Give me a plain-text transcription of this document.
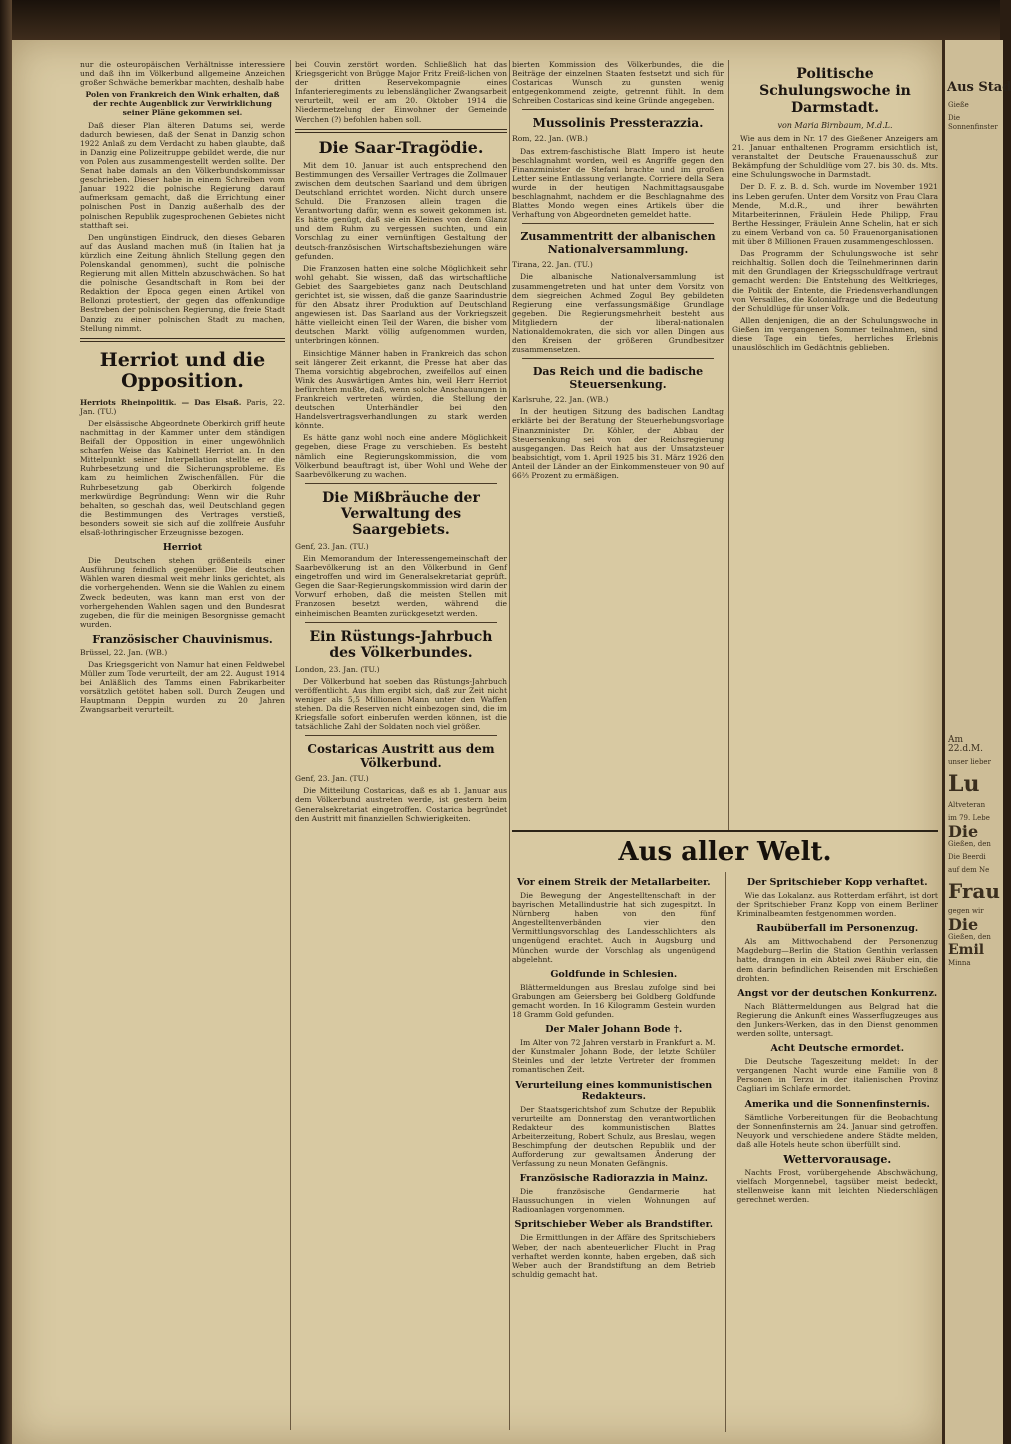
nur die osteuropäischen Verhältnisse interessiere und daß ihn im Völkerbund allgemeine Anzeichen großer Schwäche bemerkbar machten, deshalb habe

Polen von Frankreich den Wink erhalten, daß der rechte Augenblick zur Verwirklichung seiner Pläne gekommen sei.

Daß dieser Plan älteren Datums sei, werde dadurch bewiesen, daß der Senat in Danzig schon 1922 Anlaß zu dem Verdacht zu haben glaubte, daß in Danzig eine Polizeitruppe gebildet werde, die nur von Polen aus zusammengestellt werden sollte. Der Senat habe damals an den Völkerbundskommissar geschrieben. Dieser habe in einem Schreiben vom Januar 1922 die polnische Regierung darauf aufmerksam gemacht, daß die Errichtung einer polnischen Post in Danzig außerhalb des der polnischen Republik zugesprochenen Gebietes nicht statthaft sei.

Den ungünstigen Eindruck, den dieses Gebaren auf das Ausland machen muß (in Italien hat ja kürzlich eine Zeitung ähnlich Stellung gegen den Polenskandal genommen), sucht die polnische Regierung mit allen Mitteln abzuschwächen. So hat die polnische Gesandtschaft in Rom bei der Redaktion der Epoca gegen einen Artikel von Bellonzi protestiert, der gegen das offenkundige Bestreben der polnischen Regierung, die freie Stadt Danzig zu einer polnischen Stadt zu machen, Stellung nimmt.

Herriot und die Opposition.

Herriots Rheinpolitik. — Das Elsaß. Paris, 22. Jan. (TU.)

Der elsässische Abgeordnete Oberkirch griff heute nachmittag in der Kammer unter dem ständigen Beifall der Opposition in einer ungewöhnlich scharfen Weise das Kabinett Herriot an. In den Mittelpunkt seiner Interpellation stellte er die Ruhrbesetzung und die Sicherungsprobleme. Es kam zu heimlichen Zwischenfällen. Für die Ruhrbesetzung gab Oberkirch folgende merkwürdige Begründung: Wenn wir die Ruhr behalten, so geschah das, weil Deutschland gegen die Bestimmungen des Vertrages verstieß, besonders soweit sie sich auf die zollfreie Ausfuhr elsaß-lothringischer Erzeugnisse bezogen.

Herriot

Die Deutschen stehen größenteils einer Ausführung feindlich gegenüber. Die deutschen Wählen waren diesmal weit mehr links gerichtet, als die vorhergehenden. Wenn sie die Wahlen zu einem Zweck bedeuten, was kann man erst von der vorhergehenden Wahlen sagen und den Bundesrat zugeben, die für die meinigen Besorgnisse gemacht wurden.

Französischer Chauvinismus.

Brüssel, 22. Jan. (WB.)

Das Kriegsgericht von Namur hat einen Feldwebel Müller zum Tode verurteilt, der am 22. August 1914 bei Anläßlich des Tamms einen Fabrikarbeiter vorsätzlich getötet haben soll. Durch Zeugen und Hauptmann Deppin wurden zu 20 Jahren Zwangsarbeit verurteilt.

bei Couvin zerstört worden. Schließlich hat das Kriegsgericht von Brügge Major Fritz Freiß-lichen von der dritten Reservekompagnie eines Infanterieregiments zu lebenslänglicher Zwangsarbeit verurteilt, weil er am 20. Oktober 1914 die Niedermetzelung der Einwohner der Gemeinde Werchen (?) befohlen haben soll.

Die Saar-Tragödie.

Mit dem 10. Januar ist auch entsprechend den Bestimmungen des Versailler Vertrages die Zollmauer zwischen dem deutschen Saarland und dem übrigen Deutschland errichtet worden. Nicht durch unsere Schuld. Die Franzosen allein tragen die Verantwortung dafür, wenn es soweit gekommen ist. Es hätte genügt, daß sie ein Kleines von dem Glanz und dem Ruhm zu vergessen suchten, und ein Vorschlag zu einer vernünftigen Gestaltung der deutsch-französischen Wirtschaftsbeziehungen wäre gefunden.

Die Franzosen hatten eine solche Möglichkeit sehr wohl gehabt. Sie wissen, daß das wirtschaftliche Gebiet des Saargebietes ganz nach Deutschland gerichtet ist, sie wissen, daß die ganze Saarindustrie für den Absatz ihrer Produktion auf Deutschland angewiesen ist. Das Saarland aus der Vorkriegszeit hätte vielleicht einen Teil der Waren, die bisher vom deutschen Markt völlig aufgenommen wurden, unterbringen können.

Einsichtige Männer haben in Frankreich das schon seit längerer Zeit erkannt, die Presse hat aber das Thema vorsichtig abgebrochen, zweifellos auf einen Wink des Auswärtigen Amtes hin, weil Herr Herriot befürchten mußte, daß, wenn solche Anschauungen in Frankreich vertreten würden, die Stellung der deutschen Unterhändler bei den Handelsvertragsverhandlungen zu stark werden könnte.

Es hätte ganz wohl noch eine andere Möglichkeit gegeben, diese Frage zu verschieben. Es besteht nämlich eine Regierungskommission, die vom Völkerbund beauftragt ist, über Wohl und Wehe der Saarbevölkerung zu wachen.

Die Mißbräuche der Verwaltung des Saargebiets.

Genf, 23. Jan. (TU.)

Ein Memorandum der Interessengemeinschaft der Saarbevölkerung ist an den Völkerbund in Genf eingetroffen und wird im Generalsekretariat geprüft. Gegen die Saar-Regierungskommission wird darin der Vorwurf erhoben, daß die meisten Stellen mit Franzosen besetzt werden, während die einheimischen Beamten zurückgesetzt werden.

Ein Rüstungs-Jahrbuch des Völkerbundes.

London, 23. Jan. (TU.)

Der Völkerbund hat soeben das Rüstungs-Jahrbuch veröffentlicht. Aus ihm ergibt sich, daß zur Zeit nicht weniger als 5,5 Millionen Mann unter den Waffen stehen. Da die Reserven nicht einbezogen sind, die im Kriegsfalle sofort einberufen werden können, ist die tatsächliche Zahl der Soldaten noch viel größer.

Costaricas Austritt aus dem Völkerbund.

Genf, 23. Jan. (TU.)

Die Mitteilung Costaricas, daß es ab 1. Januar aus dem Völkerbund austreten werde, ist gestern beim Generalsekretariat eingetroffen. Costarica begründet den Austritt mit finanziellen Schwierigkeiten.

bierten Kommission des Völkerbundes, die die Beiträge der einzelnen Staaten festsetzt und sich für Costaricas Wunsch zu gunsten wenig entgegenkommend zeigte, getrennt fühlt. In dem Schreiben Costaricas sind keine Gründe angegeben.

Mussolinis Pressterazzia.

Rom, 22. Jan. (WB.)

Das extrem-faschistische Blatt Impero ist heute beschlagnahmt worden, weil es Angriffe gegen den Finanzminister de Stefani brachte und im großen Letter seine Entlassung verlangte. Corriere della Sera wurde in der heutigen Nachmittagsausgabe beschlagnahmt, nachdem er die Beschlagnahme des Blattes Mondo wegen eines Artikels über die Verhaftung von Abgeordneten gemeldet hatte.

Zusammentritt der albanischen Nationalversammlung.

Tirana, 22. Jan. (TU.)

Die albanische Nationalversammlung ist zusammengetreten und hat unter dem Vorsitz von dem siegreichen Achmed Zogul Bey gebildeten Regierung eine verfassungsmäßige Grundlage gegeben. Die Regierungsmehrheit besteht aus Mitgliedern der liberal-nationalen Nationaldemokraten, die sich vor allen Dingen aus den Kreisen der größeren Grundbesitzer zusammensetzen.

Das Reich und die badische Steuersenkung.

Karlsruhe, 22. Jan. (WB.)

In der heutigen Sitzung des badischen Landtag erklärte bei der Beratung der Steuerhebungsvorlage Finanzminister Dr. Köhler, der Abbau der Steuersenkung sei von der Reichsregierung ausgegangen. Das Reich hat aus der Umsatzsteuer beabsichtigt, vom 1. April 1925 bis 31. März 1926 den Anteil der Länder an der Einkommensteuer von 90 auf 66⅔ Prozent zu ermäßigen.

Politische Schulungswoche in Darmstadt.
von Maria Birnbaum, M.d.L.

Wie aus dem in Nr. 17 des Gießener Anzeigers am 21. Januar enthaltenen Programm ersichtlich ist, veranstaltet der Deutsche Frauenausschuß zur Bekämpfung der Schuldlüge vom 27. bis 30. ds. Mts. eine Schulungswoche in Darmstadt.

Der D. F. z. B. d. Sch. wurde im November 1921 ins Leben gerufen. Unter dem Vorsitz von Frau Clara Mende, M.d.R., und ihrer bewährten Mitarbeiterinnen, Fräulein Hede Philipp, Frau Berthe Hessinger, Fräulein Anne Schelin, hat er sich zu einem Verband von ca. 50 Frauenorganisationen mit über 8 Millionen Frauen zusammengeschlossen.

Das Programm der Schulungswoche ist sehr reichhaltig. Sollen doch die Teilnehmerinnen darin mit den Grundlagen der Kriegsschuldfrage vertraut gemacht werden: Die Entstehung des Weltkrieges, die Politik der Entente, die Friedensverhandlungen von Versailles, die Kolonialfrage und die Bedeutung der Schuldlüge für unser Volk.

Allen denjenigen, die an der Schulungswoche in Gießen im vergangenen Sommer teilnahmen, sind diese Tage ein tiefes, herrliches Erlebnis unauslöschlich im Gedächtnis geblieben.

Aus aller Welt.
Vor einem Streik der Metallarbeiter.

Die Bewegung der Angestelltenschaft in der bayrischen Metallindustrie hat sich zugespitzt. In Nürnberg haben von den fünf Angestelltenverbänden vier den Vermittlungsvorschlag des Landesschlichters als ungenügend erachtet. Auch in Augsburg und München wurde der Vorschlag als ungenügend abgelehnt.

Goldfunde in Schlesien.

Blättermeldungen aus Breslau zufolge sind bei Grabungen am Geiersberg bei Goldberg Goldfunde gemacht worden. In 16 Kilogramm Gestein wurden 18 Gramm Gold gefunden.

Der Maler Johann Bode †.

Im Alter von 72 Jahren verstarb in Frankfurt a. M. der Kunstmaler Johann Bode, der letzte Schüler Steinles und der letzte Vertreter der frommen romantischen Zeit.

Verurteilung eines kommunistischen Redakteurs.

Der Staatsgerichtshof zum Schutze der Republik verurteilte am Donnerstag den verantwortlichen Redakteur des kommunistischen Blattes Arbeiterzeitung, Robert Schulz, aus Breslau, wegen Beschimpfung der deutschen Republik und der Aufforderung zur gewaltsamen Änderung der Verfassung zu neun Monaten Gefängnis.

Französische Radiorazzia in Mainz.

Die französische Gendarmerie hat Haussuchungen in vielen Wohnungen auf Radioanlagen vorgenommen.

Spritschieber Weber als Brandstifter.

Die Ermittlungen in der Affäre des Spritschiebers Weber, der nach abenteuerlicher Flucht in Prag verhaftet werden konnte, haben ergeben, daß sich Weber auch der Brandstiftung an dem Betrieb schuldig gemacht hat.

Der Spritschieber Kopp verhaftet.

Wie das Lokalanz. aus Rotterdam erfährt, ist dort der Spritschieber Franz Kopp von einem Berliner Kriminalbeamten festgenommen worden.

Raubüberfall im Personenzug.

Als am Mittwochabend der Personenzug Magdeburg—Berlin die Station Genthin verlassen hatte, drangen in ein Abteil zwei Räuber ein, die dem darin befindlichen Reisenden mit Erschießen drohten.

Angst vor der deutschen Konkurrenz.

Nach Blättermeldungen aus Belgrad hat die Regierung die Ankunft eines Wasserflugzeuges aus den Junkers-Werken, das in den Dienst genommen werden sollte, untersagt.

Acht Deutsche ermordet.

Die Deutsche Tageszeitung meldet: In der vergangenen Nacht wurde eine Familie von 8 Personen in Terzu in der italienischen Provinz Cagliari im Schlafe ermordet.

Amerika und die Sonnenfinsternis.

Sämtliche Vorbereitungen für die Beobachtung der Sonnenfinsternis am 24. Januar sind getroffen. Neuyork und verschiedene andere Städte melden, daß alle Hotels heute schon überfüllt sind.

Wettervorausage.

Nachts Frost, vorübergehende Abschwächung, vielfach Morgennebel, tagsüber meist bedeckt, stellenweise kann mit leichten Niederschlägen gerechnet werden.

Aus Stad
Gieße
Die Sonnenfinster
Am 22.d.M.
unser lieber
Lu
Altveteran
im 79. Lebe
Die
Gießen, den
Die Beerdi
auf dem Ne
Frau
gegen wir
Die
Gießen, den
Emil
Minna
